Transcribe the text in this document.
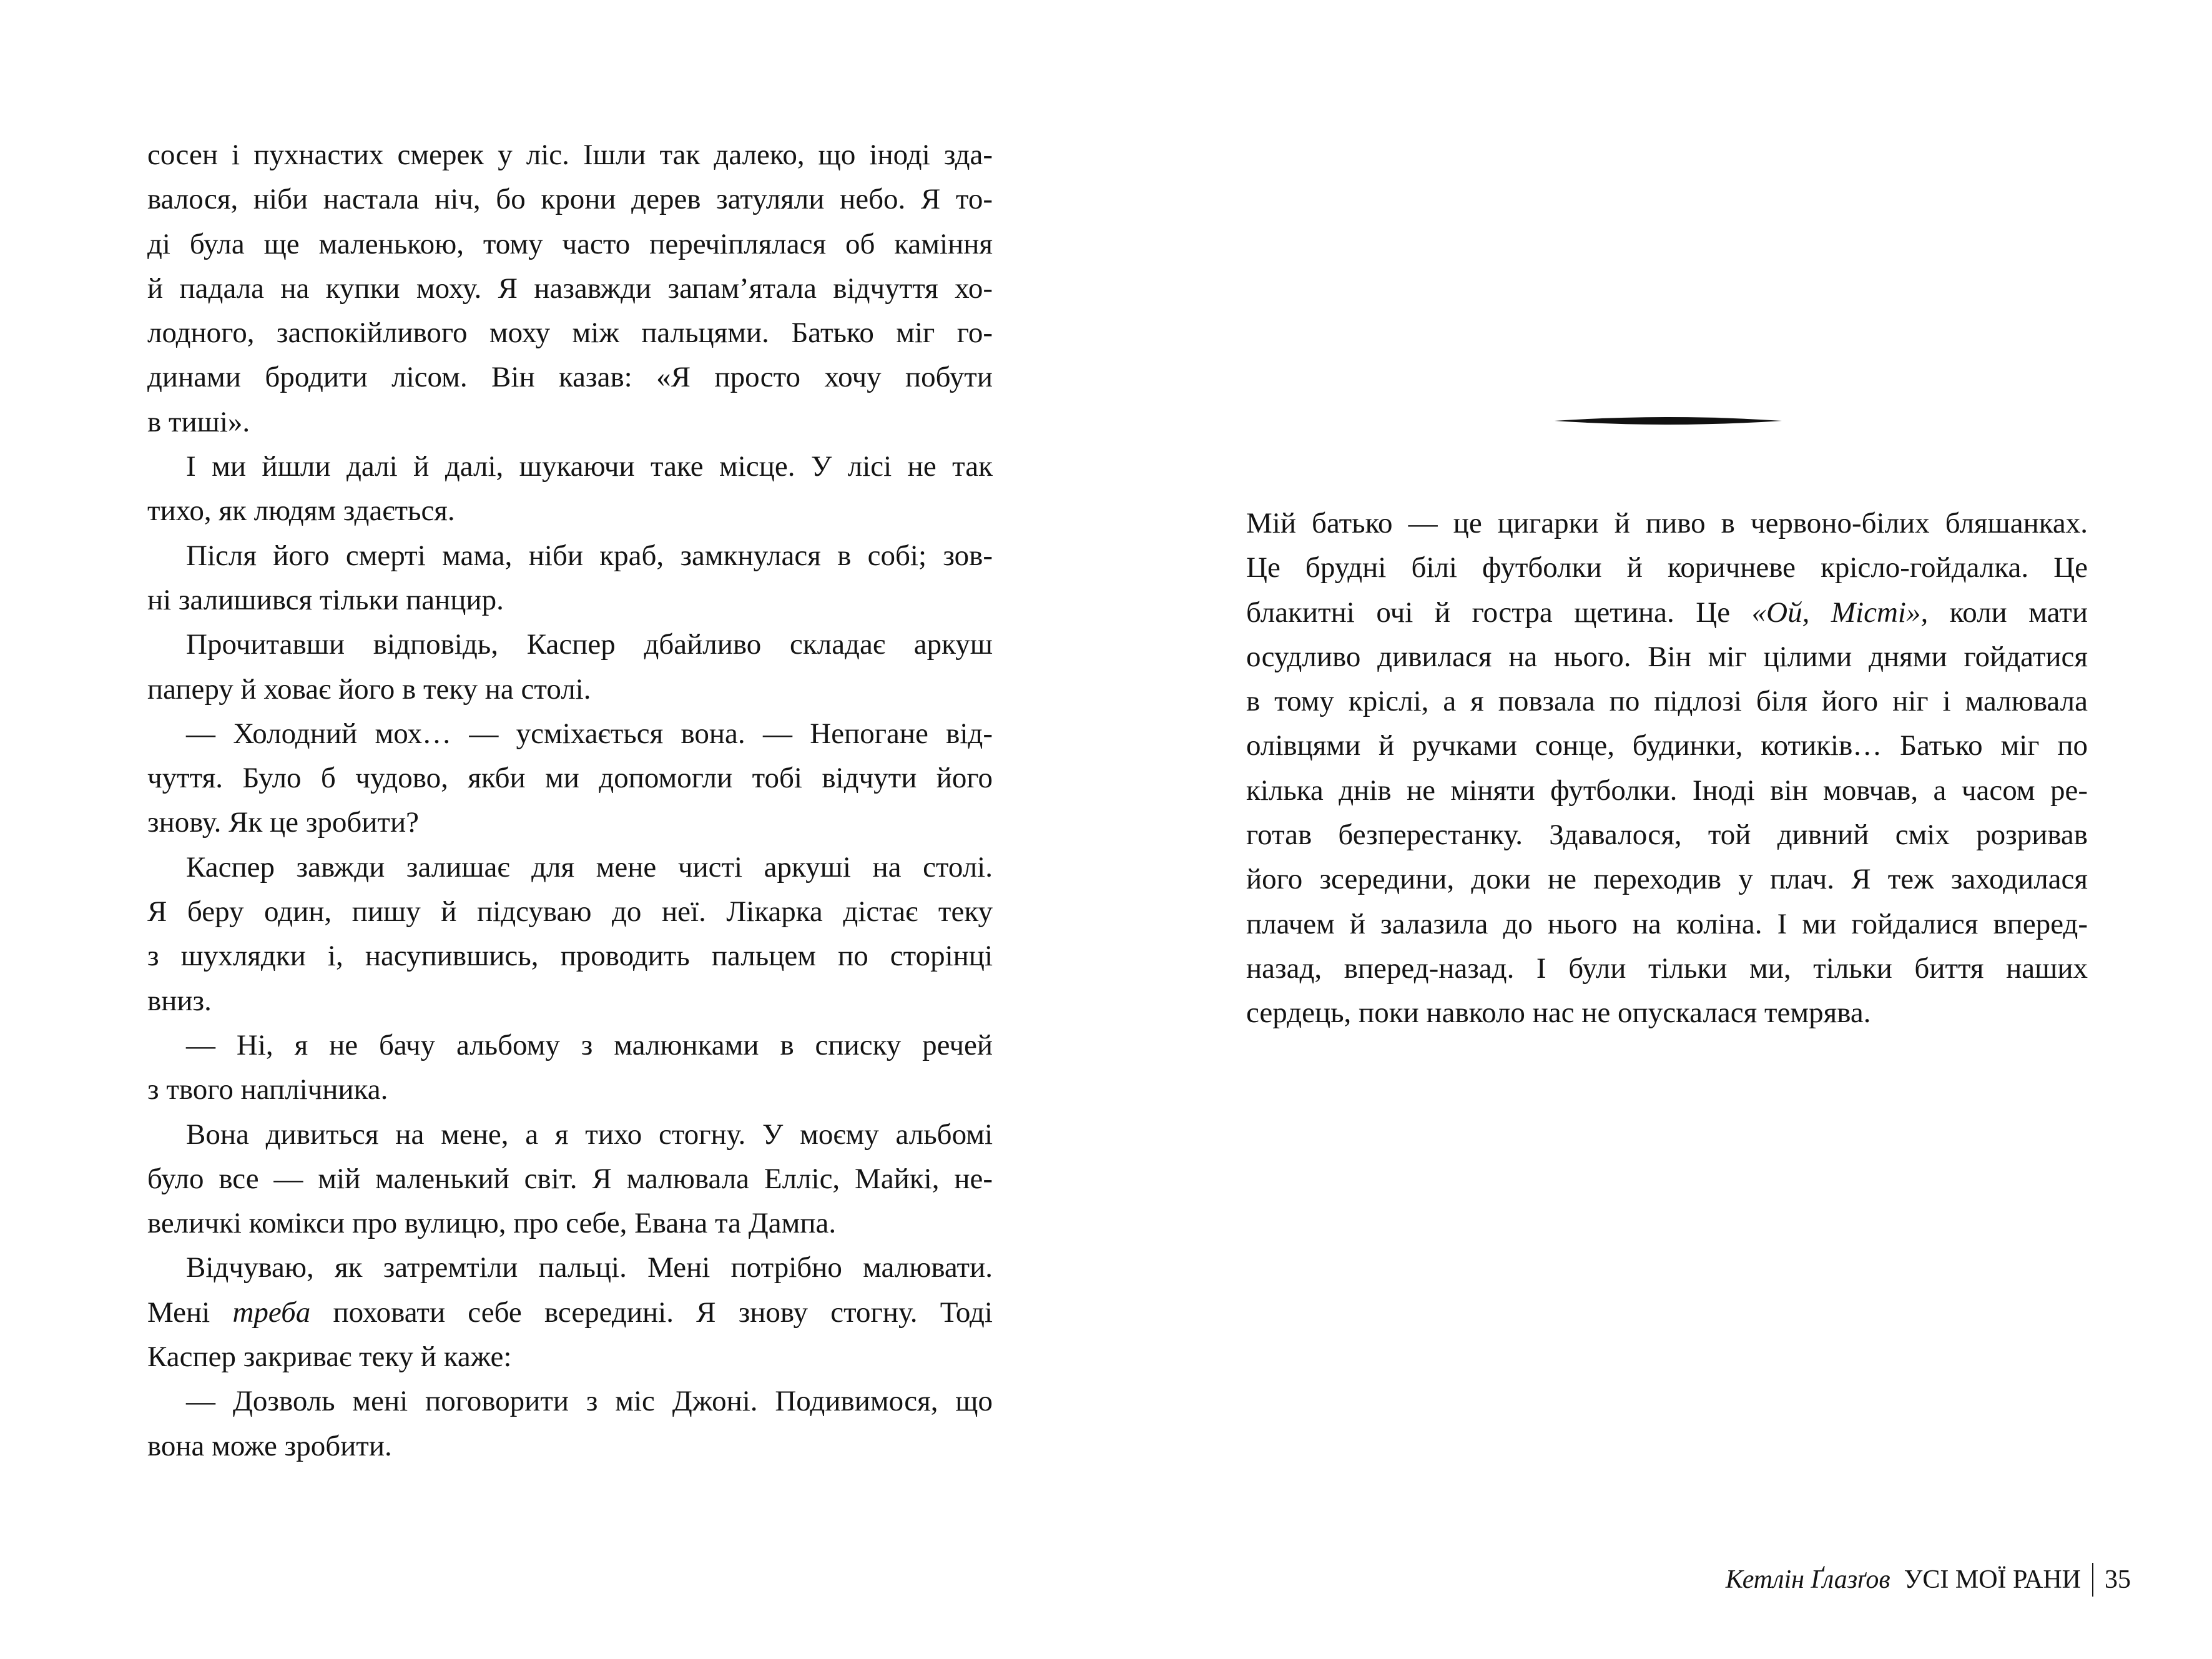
сосен і пухнастих смерек у ліс. Ішли так далеко, що іноді зда-
валося, ніби настала ніч, бо крони дерев затуляли небо. Я то-
ді була ще маленькою, тому часто перечіплялася об каміння
й падала на купки моху. Я назавжди запам’ятала відчуття хо-
лодного, заспокійливого моху між пальцями. Батько міг го-
динами бродити лісом. Він казав: «Я просто хочу побути
в тиші».
І ми йшли далі й далі, шукаючи таке місце. У лісі не так
тихо, як людям здається.
Після його смерті мама, ніби краб, замкнулася в собі; зов-
ні залишився тільки панцир.
Прочитавши відповідь, Каспер дбайливо складає аркуш
паперу й ховає його в теку на столі.
— Холодний мох… — усміхається вона. — Непогане від-
чуття. Було б чудово, якби ми допомогли тобі відчути його
знову. Як це зробити?
Каспер завжди залишає для мене чисті аркуші на столі.
Я беру один, пишу й підсуваю до неї. Лікарка дістає теку
з шухлядки і, насупившись, проводить пальцем по сторінці
вниз.
— Ні, я не бачу альбому з малюнками в списку речей
з твого наплічника.
Вона дивиться на мене, а я тихо стогну. У моєму альбомі
було все — мій маленький світ. Я малювала Елліс, Майкі, не-
величкі комікси про вулицю, про себе, Евана та Дампа.
Відчуваю, як затремтіли пальці. Мені потрібно малювати.
Мені треба поховати себе всередині. Я знову стогну. Тоді
Каспер закриває теку й каже:
— Дозволь мені поговорити з міс Джоні. Подивимося, що
вона може зробити.
Мій батько — це цигарки й пиво в червоно-білих бляшанках.
Це брудні білі футболки й коричневе крісло-гойдалка. Це
блакитні очі й гостра щетина. Це «Ой, Місті», коли мати
осудливо дивилася на нього. Він міг цілими днями гойдатися
в тому кріслі, а я повзала по підлозі біля його ніг і малювала
олівцями й ручками сонце, будинки, котиків… Батько міг по
кілька днів не міняти футболки. Іноді він мовчав, а часом ре-
готав безперестанку. Здавалося, той дивний сміх розривав
його зсередини, доки не переходив у плач. Я теж заходилася
плачем й залазила до нього на коліна. І ми гойдалися вперед-
назад, вперед-назад. І були тільки ми, тільки биття наших
сердець, поки навколо нас не опускалася темрява.
Кетлін Ґлазґов УСІ МОЇ РАНИ 35
